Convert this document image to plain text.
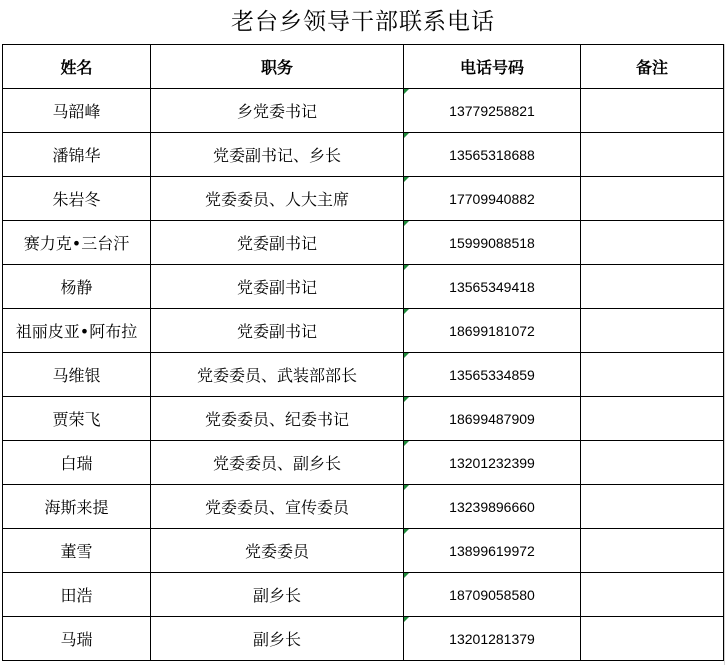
老台乡领导干部联系电话
姓名	职务	电话号码	备注
马韶峰	乡党委书记	13779258821	
潘锦华	党委副书记、乡长	13565318688	
朱岩冬	党委委员、人大主席	17709940882	
赛力克•三台汗	党委副书记	15999088518	
杨静	党委副书记	13565349418	
祖丽皮亚•阿布拉	党委副书记	18699181072	
马维银	党委委员、武装部部长	13565334859	
贾荣飞	党委委员、纪委书记	18699487909	
白瑞	党委委员、副乡长	13201232399	
海斯来提	党委委员、宣传委员	13239896660	
董雪	党委委员	13899619972	
田浩	副乡长	18709058580	
马瑞	副乡长	13201281379	
